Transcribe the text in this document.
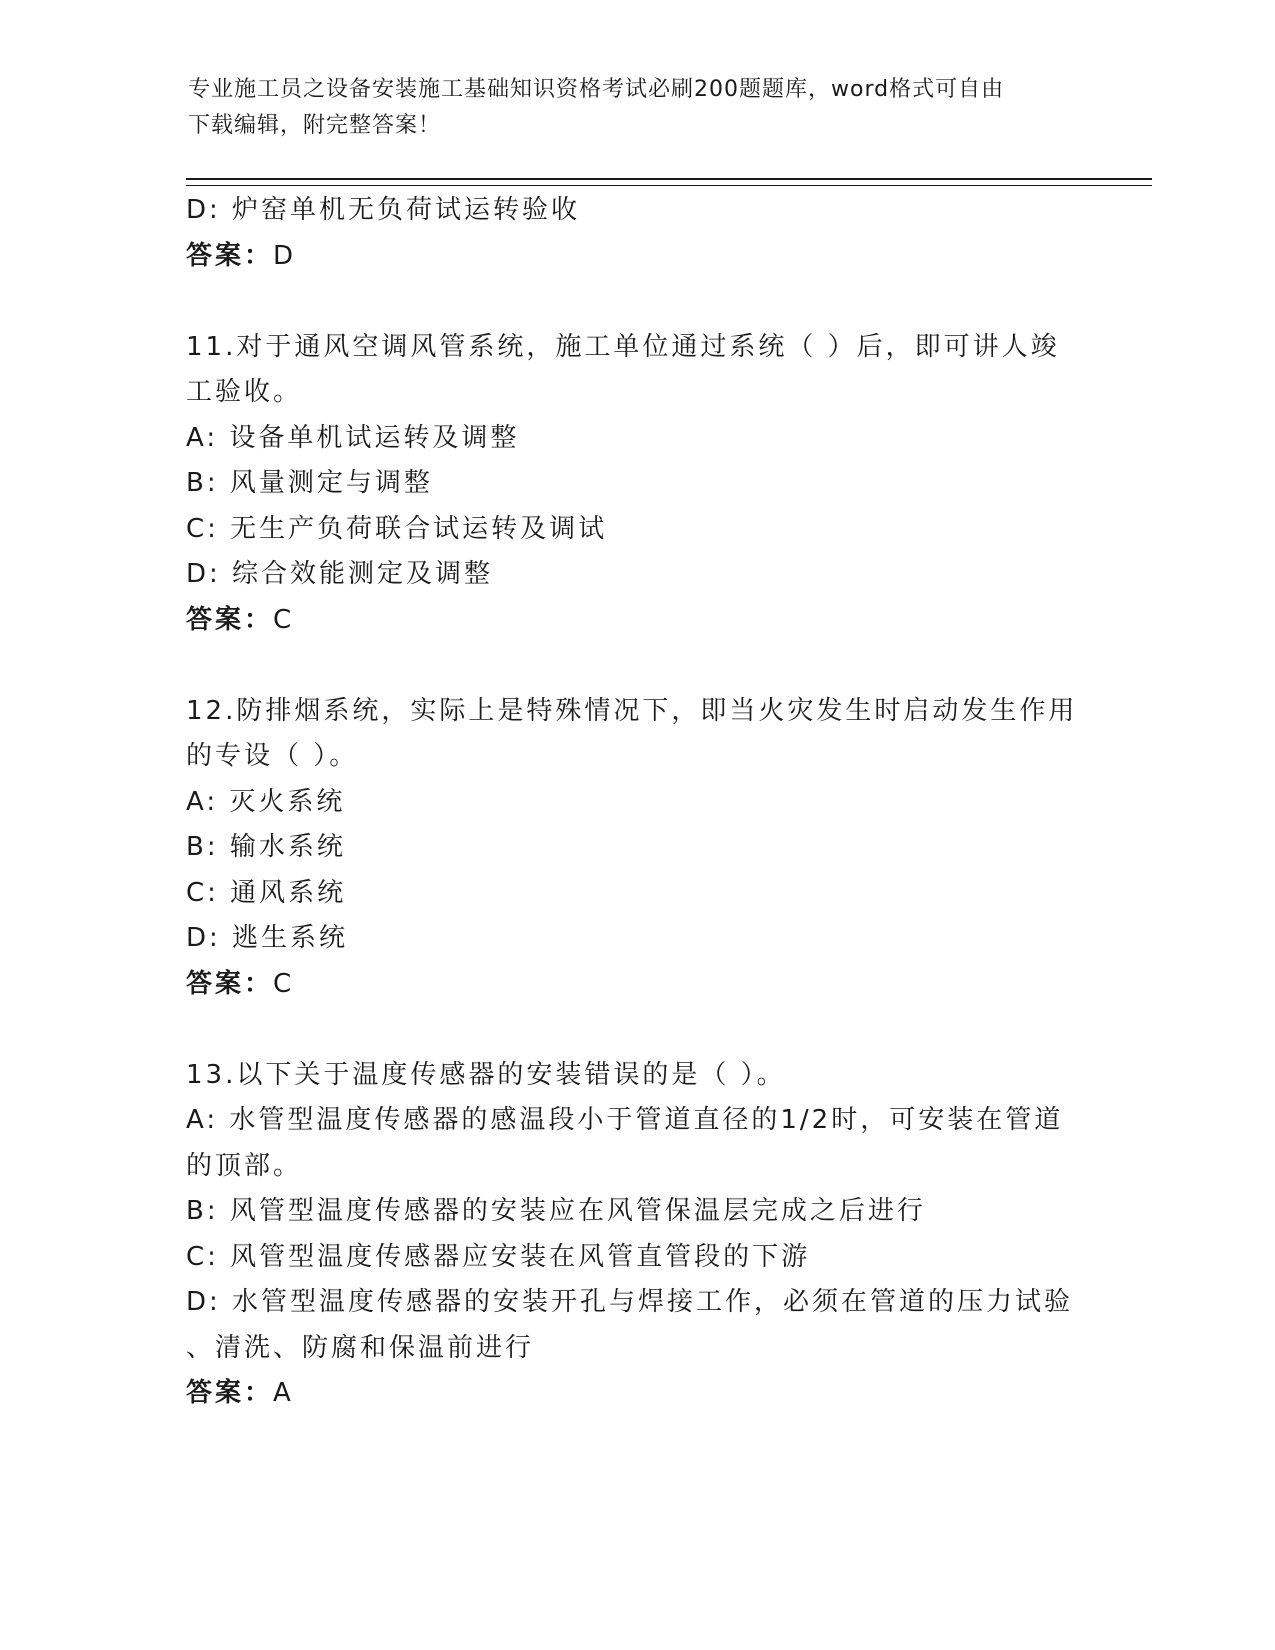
专业施工员之设备安装施工基础知识资格考试必刷200题题库，word格式可自由
下载编辑，附完整答案！
D: 炉窑单机无负荷试运转验收
答案：D
11.对于通风空调风管系统，施工单位通过系统（ ）后，即可讲人竣
工验收。
A: 设备单机试运转及调整
B: 风量测定与调整
C: 无生产负荷联合试运转及调试
D: 综合效能测定及调整
答案：C
12.防排烟系统，实际上是特殊情况下，即当火灾发生时启动发生作用
的专设（ ）。
A: 灭火系统
B: 输水系统
C: 通风系统
D: 逃生系统
答案：C
13.以下关于温度传感器的安装错误的是（ ）。
A: 水管型温度传感器的感温段小于管道直径的1/2时，可安装在管道
的顶部。
B: 风管型温度传感器的安装应在风管保温层完成之后进行
C: 风管型温度传感器应安装在风管直管段的下游
D: 水管型温度传感器的安装开孔与焊接工作，必须在管道的压力试验
、清洗、防腐和保温前进行
答案：A
